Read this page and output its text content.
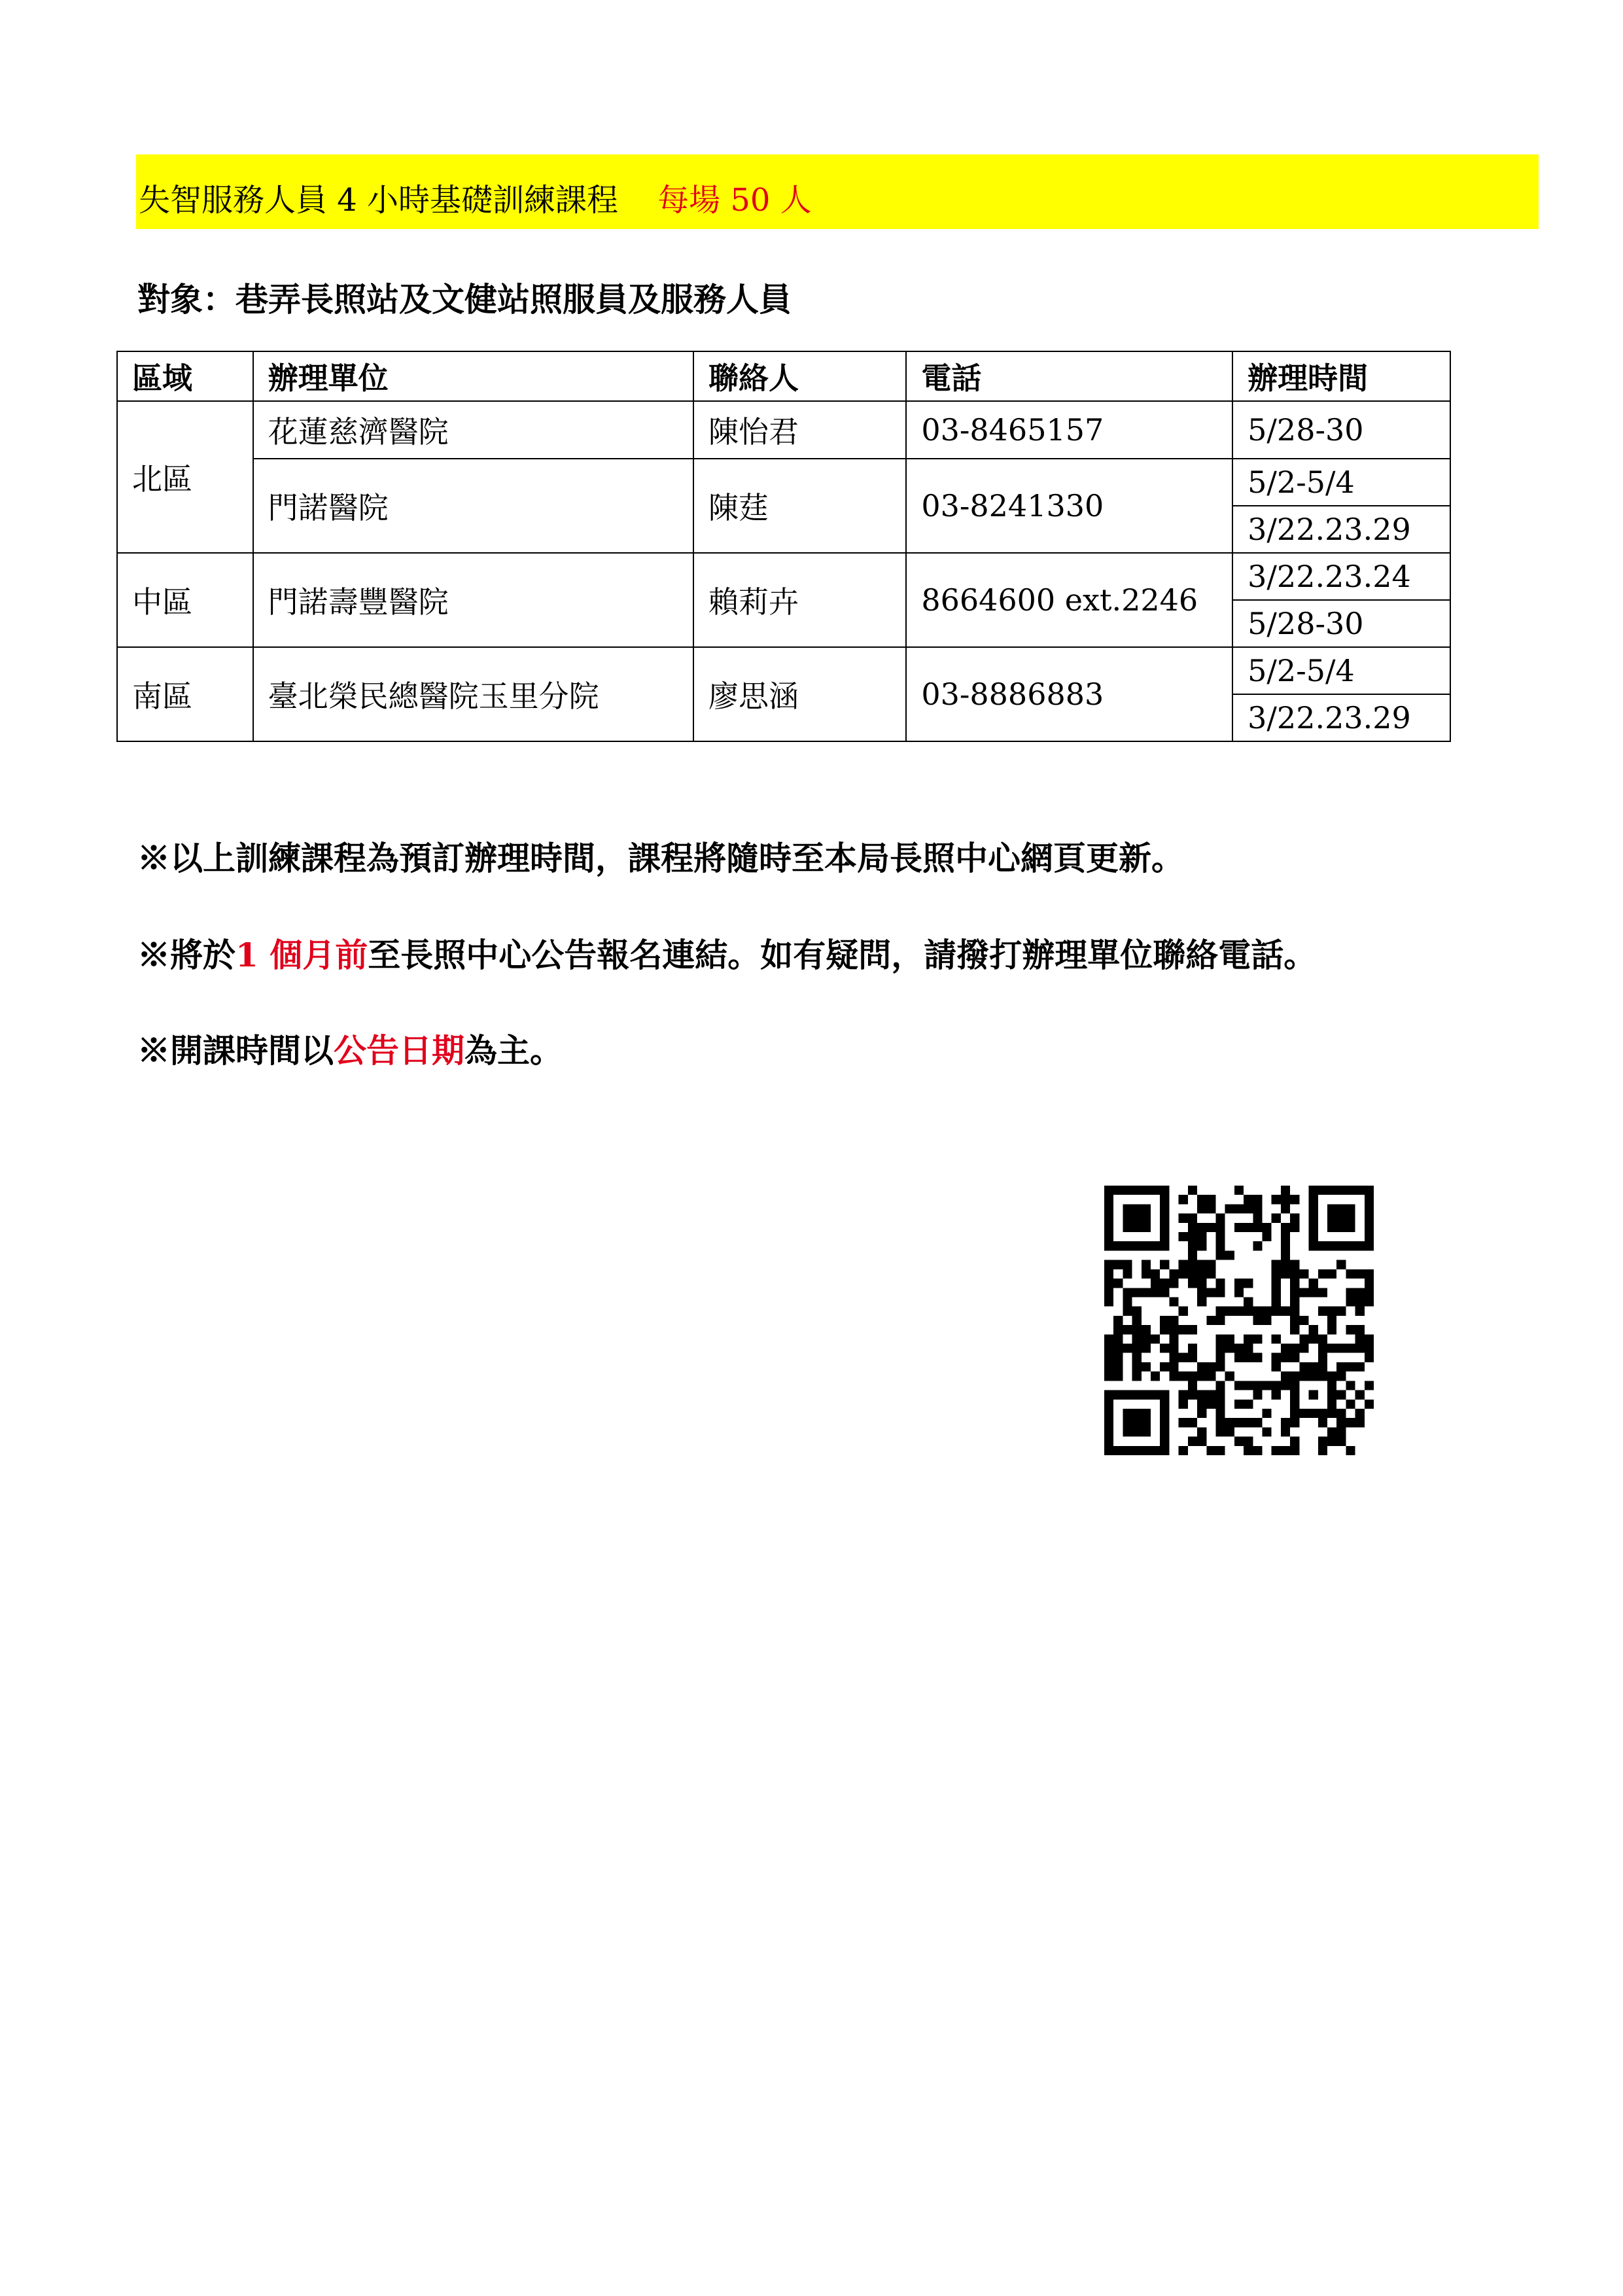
失智服務人員 4 小時基礎訓練課程 每場 50 人
對象：巷弄長照站及文健站照服員及服務人員
區域	辦理單位	聯絡人	電話	辦理時間
北區	花蓮慈濟醫院	陳怡君	03-8465157	5/28-30
	門諾醫院	陳莛	03-8241330	5/2-5/4
				3/22.23.29
中區	門諾壽豐醫院	賴莉卉	8664600 ext.2246	3/22.23.24
				5/28-30
南區	臺北榮民總醫院玉里分院	廖思涵	03-8886883	5/2-5/4
				3/22.23.29
※以上訓練課程為預訂辦理時間，課程將隨時至本局長照中心網頁更新。
※將於1 個月前至長照中心公告報名連結。如有疑問，請撥打辦理單位聯絡電話。
※開課時間以公告日期為主。
